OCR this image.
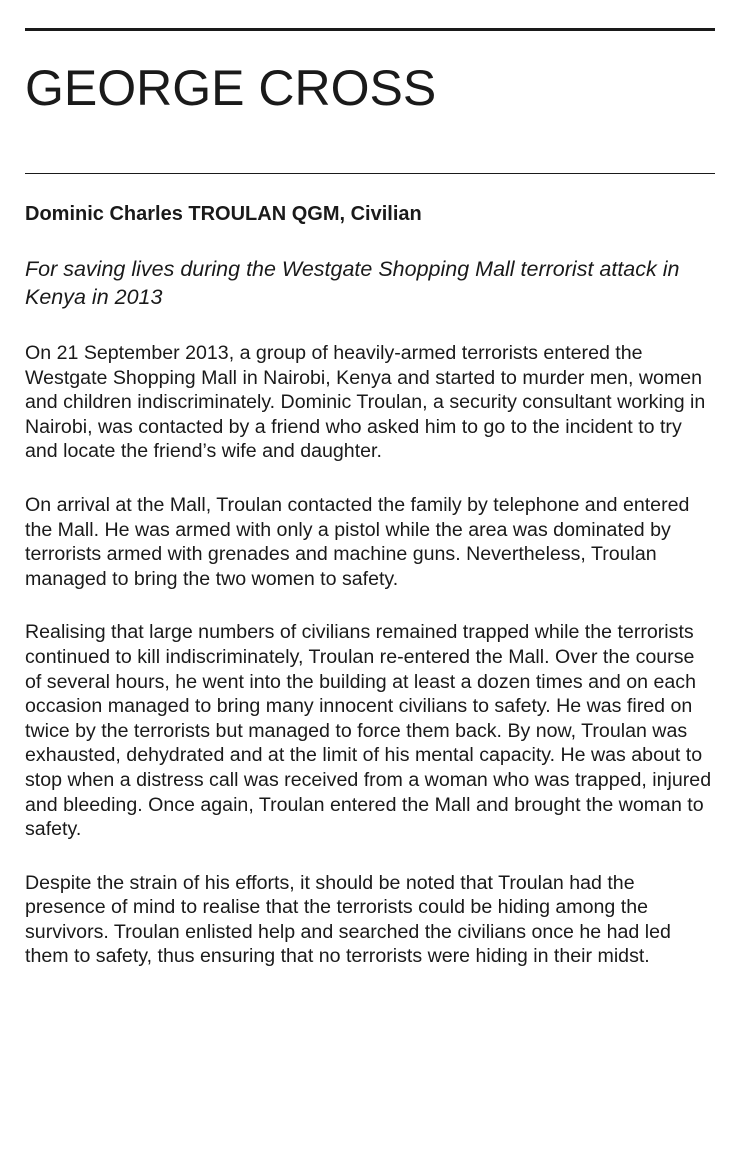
GEORGE CROSS
Dominic Charles TROULAN QGM, Civilian

For saving lives during the Westgate Shopping Mall terrorist attack in Kenya in 2013

On 21 September 2013, a group of heavily-armed terrorists entered the Westgate Shopping Mall in Nairobi, Kenya and started to murder men, women and children indiscriminately. Dominic Troulan, a security consultant working in Nairobi, was contacted by a friend who asked him to go to the incident to try and locate the friend’s wife and daughter.

On arrival at the Mall, Troulan contacted the family by telephone and entered the Mall. He was armed with only a pistol while the area was dominated by terrorists armed with grenades and machine guns. Nevertheless, Troulan managed to bring the two women to safety.

Realising that large numbers of civilians remained trapped while the terrorists continued to kill indiscriminately, Troulan re-entered the Mall. Over the course of several hours, he went into the building at least a dozen times and on each occasion managed to bring many innocent civilians to safety. He was fired on twice by the terrorists but managed to force them back. By now, Troulan was exhausted, dehydrated and at the limit of his mental capacity. He was about to stop when a distress call was received from a woman who was trapped, injured and bleeding. Once again, Troulan entered the Mall and brought the woman to safety.

Despite the strain of his efforts, it should be noted that Troulan had the presence of mind to realise that the terrorists could be hiding among the survivors. Troulan enlisted help and searched the civilians once he had led them to safety, thus ensuring that no terrorists were hiding in their midst.
